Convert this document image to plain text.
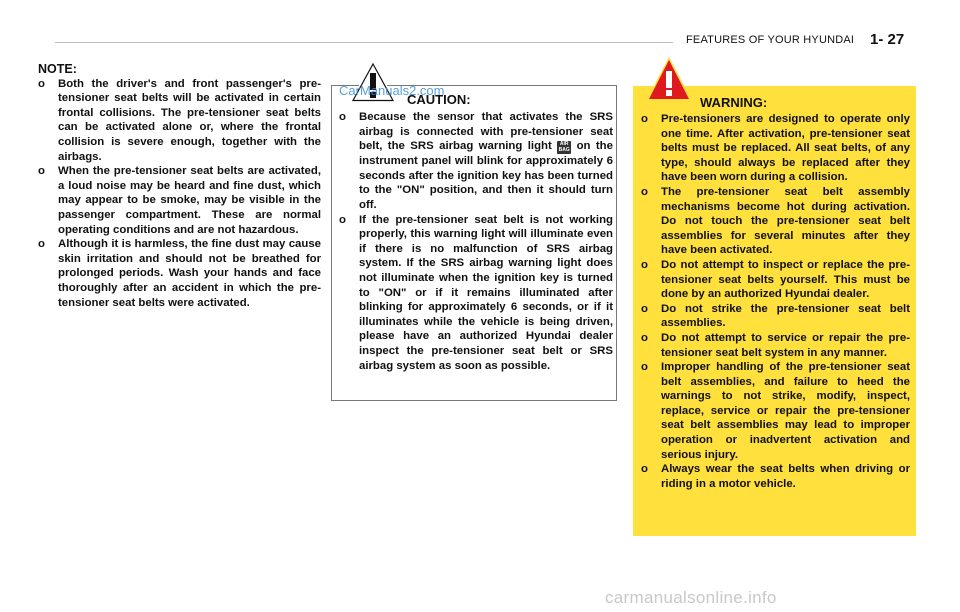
FEATURES OF YOUR HYUNDAI 1- 27
NOTE:
o Both the driver's and front passenger's pre-tensioner seat belts will be activated in certain frontal collisions. The pre-tensioner seat belts can be activated alone or, where the frontal collision is severe enough, together with the airbags.
o When the pre-tensioner seat belts are activated, a loud noise may be heard and fine dust, which may appear to be smoke, may be visible in the passenger compartment. These are normal operating conditions and are not hazardous.
o Although it is harmless, the fine dust may cause skin irritation and should not be breathed for prolonged periods. Wash your hands and face thoroughly after an accident in which the pre-tensioner seat belts were activated.
CarManuals2.com
CAUTION:
o Because the sensor that activates the SRS airbag is connected with pre-tensioner seat belt, the SRS airbag warning light AIR BAG on the instrument panel will blink for approximately 6 seconds after the ignition key has been turned to the "ON" position, and then it should turn off.
o If the pre-tensioner seat belt is not working properly, this warning light will illuminate even if there is no malfunction of SRS airbag system. If the SRS airbag warning light does not illuminate when the ignition key is turned to "ON" or if it remains illuminated after blinking for approximately 6 seconds, or if it illuminates while the vehicle is being driven, please have an authorized Hyundai dealer inspect the pre-tensioner seat belt or SRS airbag system as soon as possible.
WARNING:
o Pre-tensioners are designed to operate only one time. After activation, pre-tensioner seat belts must be replaced. All seat belts, of any type, should always be replaced after they have been worn during a collision.
o The pre-tensioner seat belt assembly mechanisms become hot during activation. Do not touch the pre-tensioner seat belt assemblies for several minutes after they have been activated.
o Do not attempt to inspect or replace the pre-tensioner seat belts yourself. This must be done by an authorized Hyundai dealer.
o Do not strike the pre-tensioner seat belt assemblies.
o Do not attempt to service or repair the pre-tensioner seat belt system in any manner.
o Improper handling of the pre-tensioner seat belt assemblies, and failure to heed the warnings to not strike, modify, inspect, replace, service or repair the pre-tensioner seat belt assemblies may lead to improper operation or inadvertent activation and serious injury.
o Always wear the seat belts when driving or riding in a motor vehicle.
carmanualsonline.info
